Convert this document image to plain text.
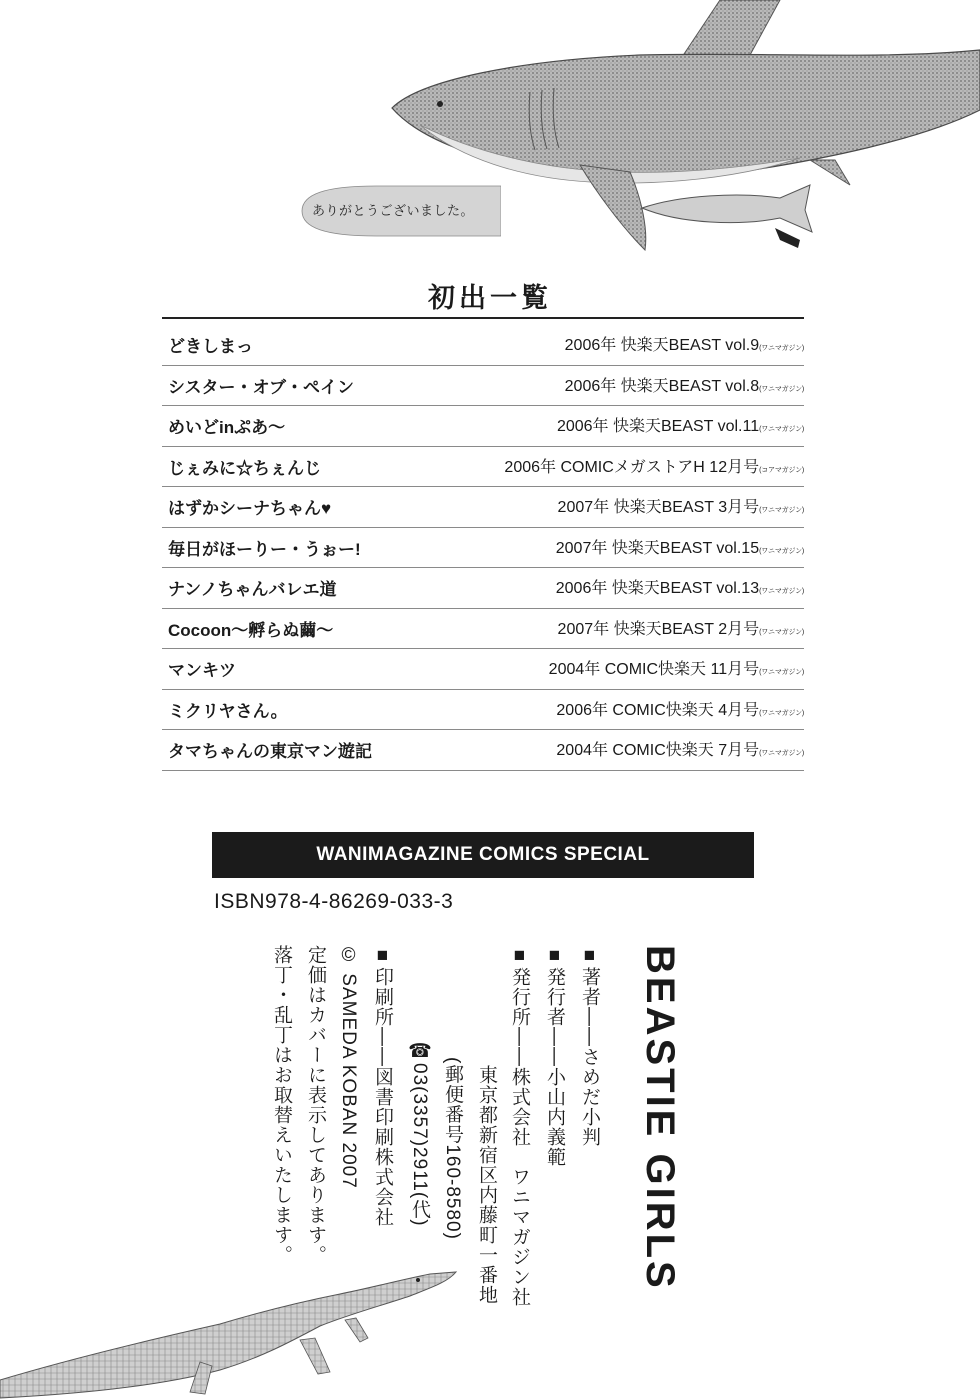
ありがとうございました。
初出一覧
どきしまっ	2006年 快楽天BEAST vol.9(ワニマガジン)
シスター・オブ・ペイン	2006年 快楽天BEAST vol.8(ワニマガジン)
めいどinぷあ〜	2006年 快楽天BEAST vol.11(ワニマガジン)
じぇみに☆ちぇんじ	2006年 COMICメガストアH 12月号(コアマガジン)
はずかシーナちゃん♥	2007年 快楽天BEAST 3月号(ワニマガジン)
毎日がほーりー・うぉー!	2007年 快楽天BEAST vol.15(ワニマガジン)
ナンノちゃんバレエ道	2006年 快楽天BEAST vol.13(ワニマガジン)
Cocoon〜孵らぬ繭〜	2007年 快楽天BEAST 2月号(ワニマガジン)
マンキツ	2004年 COMIC快楽天 11月号(ワニマガジン)
ミクリヤさん。	2006年 COMIC快楽天 4月号(ワニマガジン)
タマちゃんの東京マン遊記	2004年 COMIC快楽天 7月号(ワニマガジン)
WANIMAGAZINE COMICS SPECIAL
ISBN978-4-86269-033-3
BEASTIE GIRLS
■著者——さめだ小判
■発行者——小山内義範
■発行所——株式会社　ワニマガジン社
東京都新宿区内藤町一番地
(郵便番号160-8580)
☎03(3357)2911(代)
■印刷所——図書印刷株式会社
© SAMEDA KOBAN 2007
定価はカバーに表示してあります。
落丁・乱丁はお取替えいたします。
